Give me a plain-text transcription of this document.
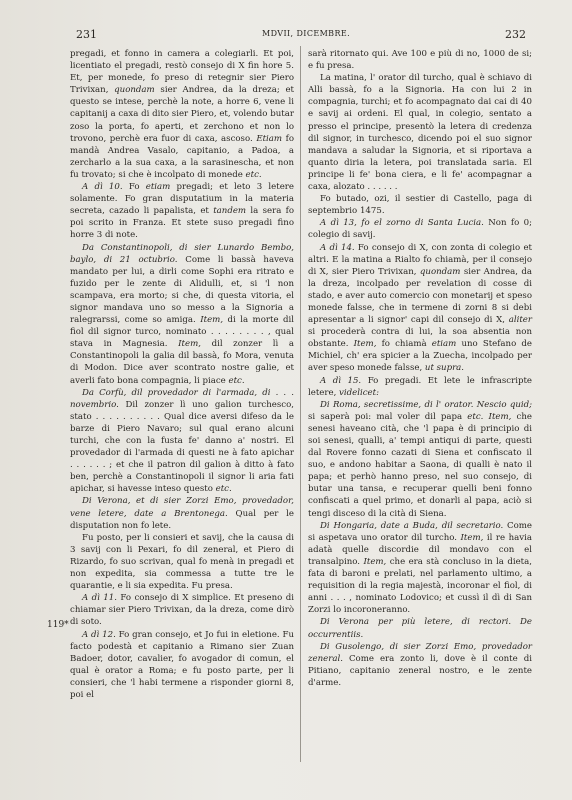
231	MDVII, DICEMBRE.	232

pregadi, et fonno in camera a colegiarli. Et poi, licentiato el pregadi, restò consejo di X fin hore 5. Et, per monede, fo preso di retegnir sier Piero Trivixan, quondam sier Andrea, da la dreza; et questo se intese, perchè la note, a horre 6, vene li capitanij a caxa di dito sier Piero, et, volendo butar zoso la porta, fo aperti, et zerchono et non lo trovono, perchè era fuor di caxa, ascoso. Etiam fo mandà Andrea Vasalo, capitanio, a Padoa, a zercharlo a la sua caxa, a la sarasinescha, et non fu trovato; si che è incolpato di monede etc.

A dì 10. Fo etiam pregadi; et leto 3 letere solamente. Fo gran disputatium in la materia secreta, cazado li papalista, et tandem la sera fo poi scrito in Franza. Et stete suso pregadi fino horre 3 di note.

Da Constantinopoli, di sier Lunardo Bembo, baylo, di 21 octubrio. Come li bassà haveva mandato per lui, a dirli come Sophi era ritrato e fuzido per le zente di Alidulli, et, si 'l non scampava, era morto; si che, di questa vitoria, el signor mandava uno so messo a la Signoria a ralegrarssi, come so amiga. Item, di la morte dil fiol dil signor turco, nominato . . . . . . . . , qual stava in Magnesia. Item, dil zonzer lì a Constantinopoli la galia dil bassà, fo Mora, venuta di Modon. Dice aver scontrato nostre galie, et averli fato bona compagnia, li piace etc.

Da Corfù, dil provedador di l'armada, di . . . novembrio. Dil zonzer lì uno galion turchesco, stato . . . . . . . . . . Qual dice aversi difeso da le barze di Piero Navaro; sul qual erano alcuni turchi, che con la fusta fe' danno a' nostri. El provedador di l'armada di questi ne à fato apichar . . . . . . ; et che il patron dil galion à ditto à fato ben, perchè a Constantinopoli il signor li aria fati apichar, si havesse inteso questo etc.

Di Verona, et di sier Zorzi Emo, provedador, vene letere, date a Brentonega. Qual per le disputation non fo lete.

Fu posto, per li consieri et savij, che la causa di 3 savij con li Pexari, fo dil zeneral, et Piero di Rizardo, fo suo scrivan, qual fo menà in pregadi et non expedita, sia commessa a tutte tre le quarantie, e li sia expedita. Fu presa.

A dì 11. Fo consejo di X simplice. Et preseno di chiamar sier Piero Trivixan, da la dreza, come dirò di soto.

A dì 12. Fo gran consejo, et Jo fui in eletione. Fu facto podestà et capitanio a Rimano sier Zuan Badoer, dotor, cavalier, fo avogador di comun, el qual è orator a Roma; e fu posto parte, per li consieri, che 'l habi termene a risponder giorni 8, poi el

sarà ritornato qui. Ave 100 e più di no, 1000 de si; e fu presa.

La matina, l' orator dil turcho, qual è schiavo di Alli bassà, fo a la Signoria. Ha con lui 2 in compagnia, turchi; et fo acompagnato dai cai di 40 e savij ai ordeni. El qual, in colegio, sentato a presso el principe, presentò la letera di credenza dil signor, in turchesco, dicendo poi el suo signor mandava a saludar la Signoria, et si riportava a quanto diria la letera, poi translatada saria. El principe li fe' bona ciera, e li fe' acompagnar a caxa, alozato . . . . . .

Fo butado, ozi, il sestier di Castello, paga di septembrio 1475.

A dì 13, fo el zorno di Santa Lucia. Non fo 0; colegio di savij.

A dì 14. Fo consejo di X, con zonta di colegio et altri. E la matina a Rialto fo chiamà, per il consejo di X, sier Piero Trivixan, quondam sier Andrea, da la dreza, incolpado per revelation di cosse di stado, e aver auto comercio con monetarij et speso monede falsse, che in termene di zorni 8 si debi apresentar a li signor' capi dil consejo di X, aliter si procederà contra di lui, la soa absentia non obstante. Item, fo chiamà etiam uno Stefano de Michiel, ch' era spicier a la Zuecha, incolpado per aver speso monede falsse, ut supra.

A dì 15. Fo pregadi. Et lete le infrascripte letere, videlicet:

Di Roma, secretissime, di l' orator. Nescio quid; si saperà poi: mal voler dil papa etc. Item, che senesi haveano cità, che 'l papa è di principio di soi senesi, qualli, a' tempi antiqui di parte, questi dal Rovere fonno cazati di Siena et confiscato il suo, e andono habitar a Saona, di qualli è nato il papa; et perhò hanno preso, nel suo consejo, di butar una tansa, e recuperar quelli beni fonno confiscati a quel primo, et donarli al papa, aciò si tengi disceso di la cità di Siena.

Di Hongaria, date a Buda, dil secretario. Come si aspetava uno orator dil turcho. Item, il re havia adatà quelle discordie dil mondavo con el transalpino. Item, che era stà concluso in la dieta, fata di baroni e prelati, nel parlamento ultimo, a requisition di la regia majestà, incoronar el fiol, di anni . . . , nominato Lodovico; et cussì il dì di San Zorzi lo incoroneranno.

Di Verona per più letere, di rectori. De occurrentiis.

Di Gusolengo, di sier Zorzi Emo, provedador zeneral. Come era zonto li, dove è il conte di Pitiano, capitanio zeneral nostro, e le zente d'arme.

119*
